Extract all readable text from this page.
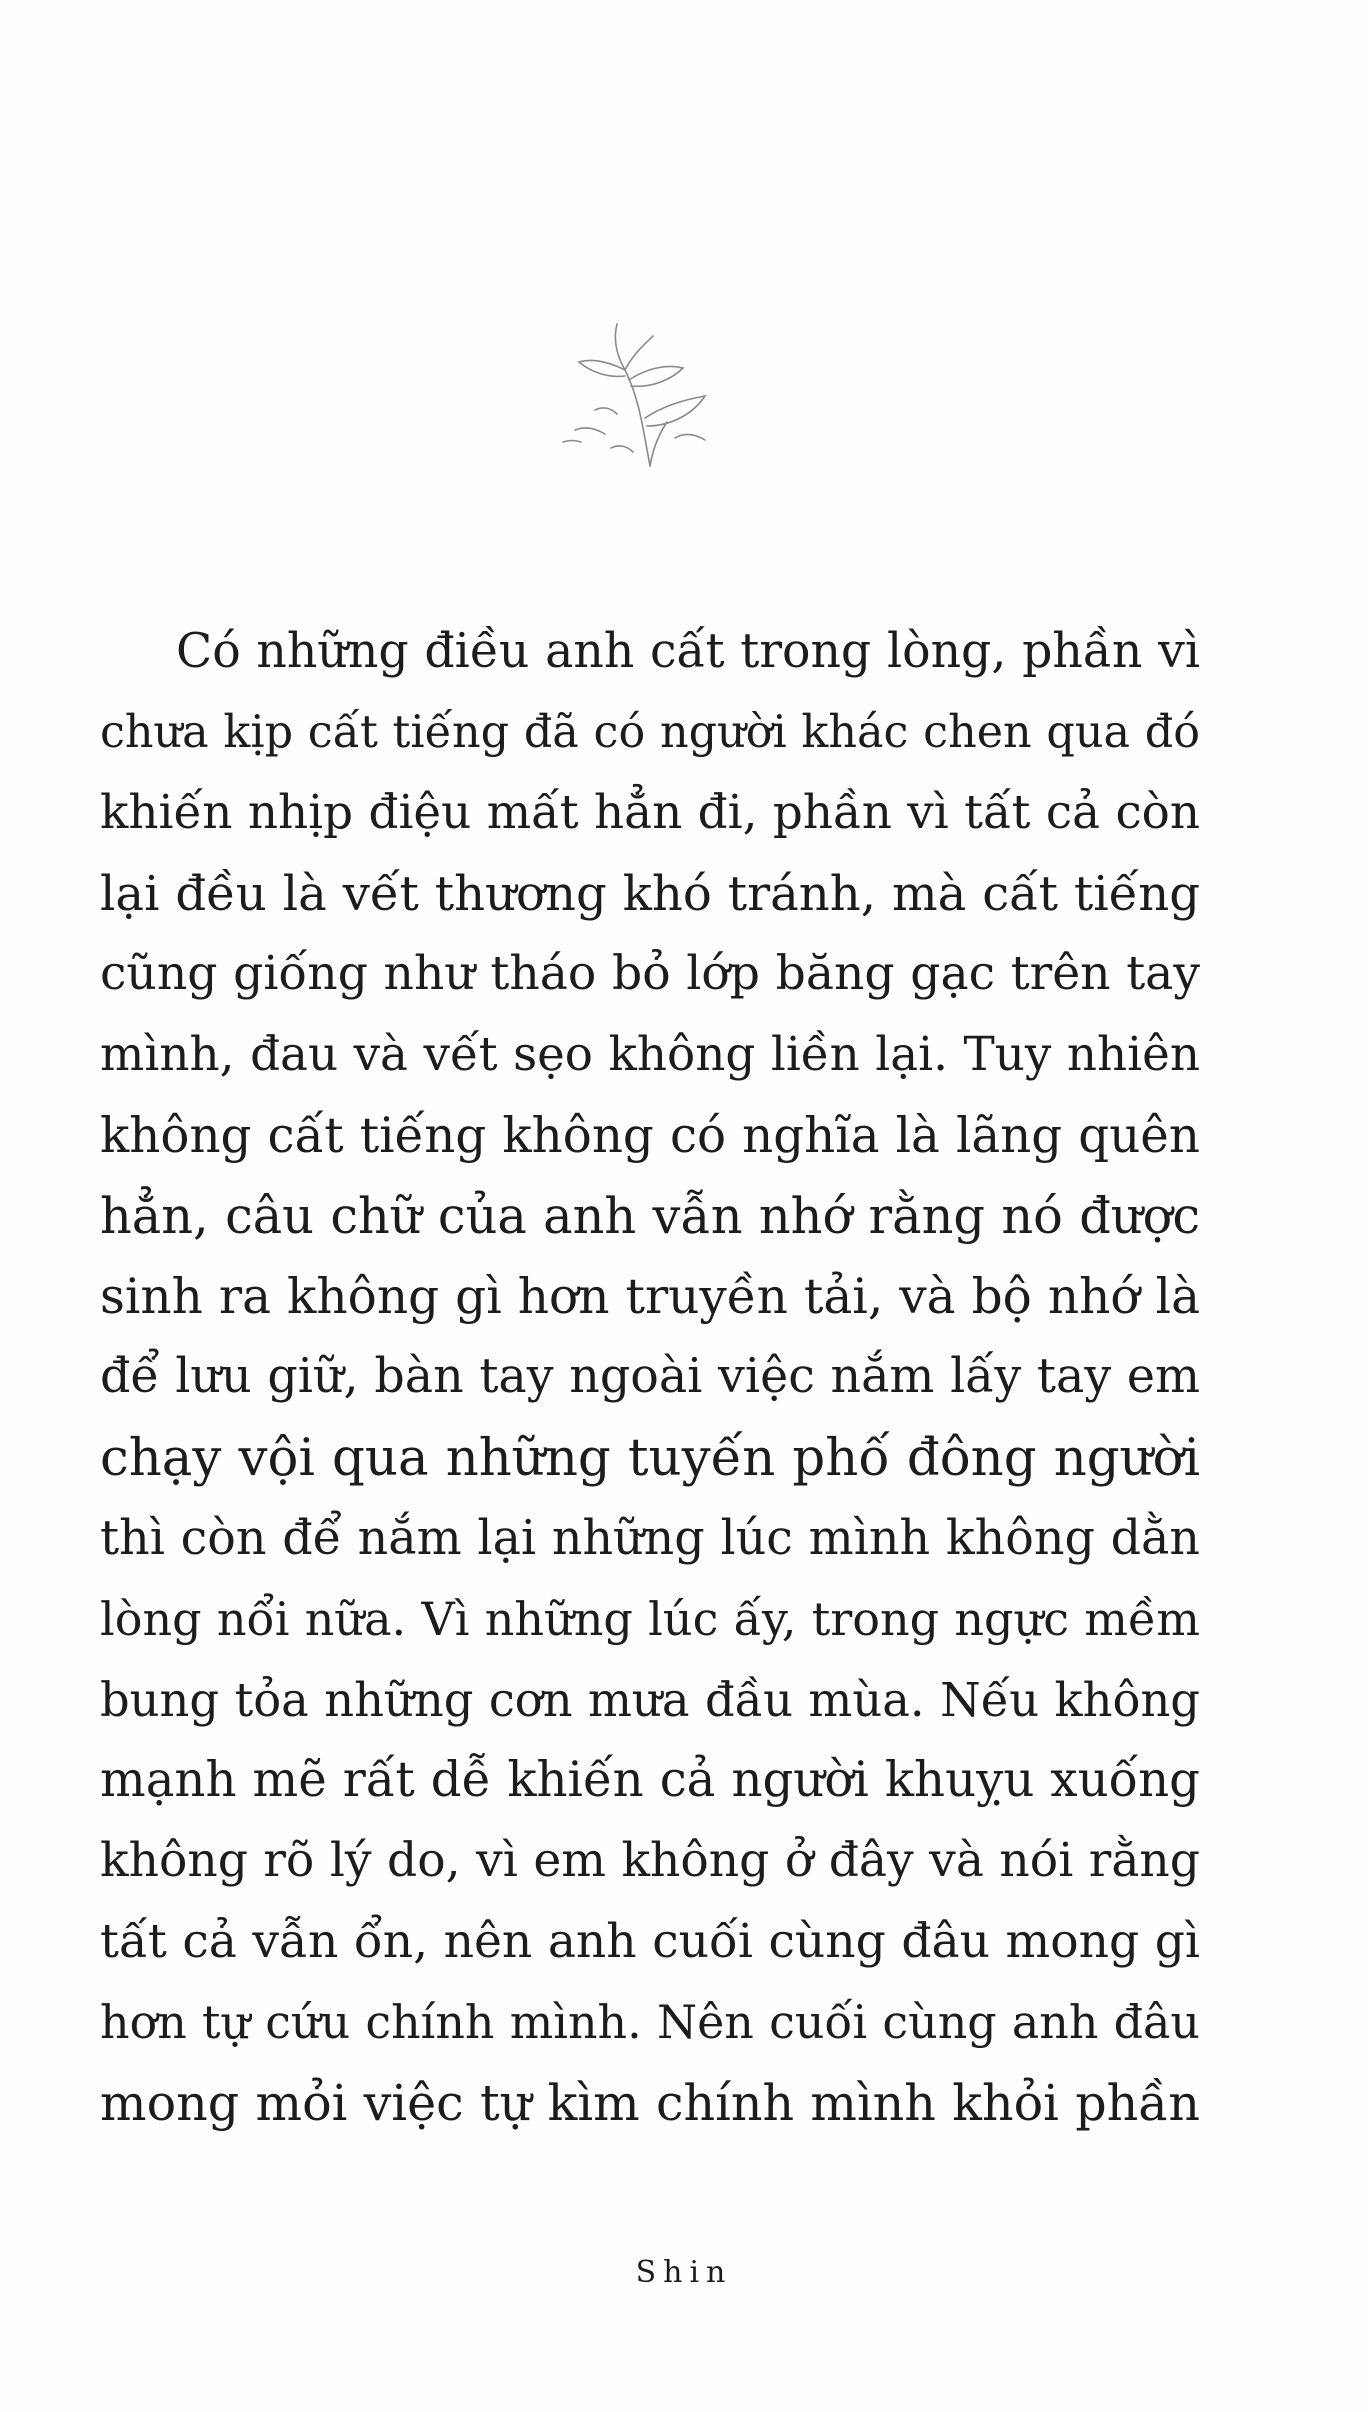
Có những điều anh cất trong lòng, phần vì
chưa kịp cất tiếng đã có người khác chen qua đó
khiến nhịp điệu mất hẳn đi, phần vì tất cả còn
lại đều là vết thương khó tránh, mà cất tiếng
cũng giống như tháo bỏ lớp băng gạc trên tay
mình, đau và vết sẹo không liền lại. Tuy nhiên
không cất tiếng không có nghĩa là lãng quên
hẳn, câu chữ của anh vẫn nhớ rằng nó được
sinh ra không gì hơn truyền tải, và bộ nhớ là
để lưu giữ, bàn tay ngoài việc nắm lấy tay em
chạy vội qua những tuyến phố đông người
thì còn để nắm lại những lúc mình không dằn
lòng nổi nữa. Vì những lúc ấy, trong ngực mềm
bung tỏa những cơn mưa đầu mùa. Nếu không
mạnh mẽ rất dễ khiến cả người khuỵu xuống
không rõ lý do, vì em không ở đây và nói rằng
tất cả vẫn ổn, nên anh cuối cùng đâu mong gì
hơn tự cứu chính mình. Nên cuối cùng anh đâu
mong mỏi việc tự kìm chính mình khỏi phần
Shin
